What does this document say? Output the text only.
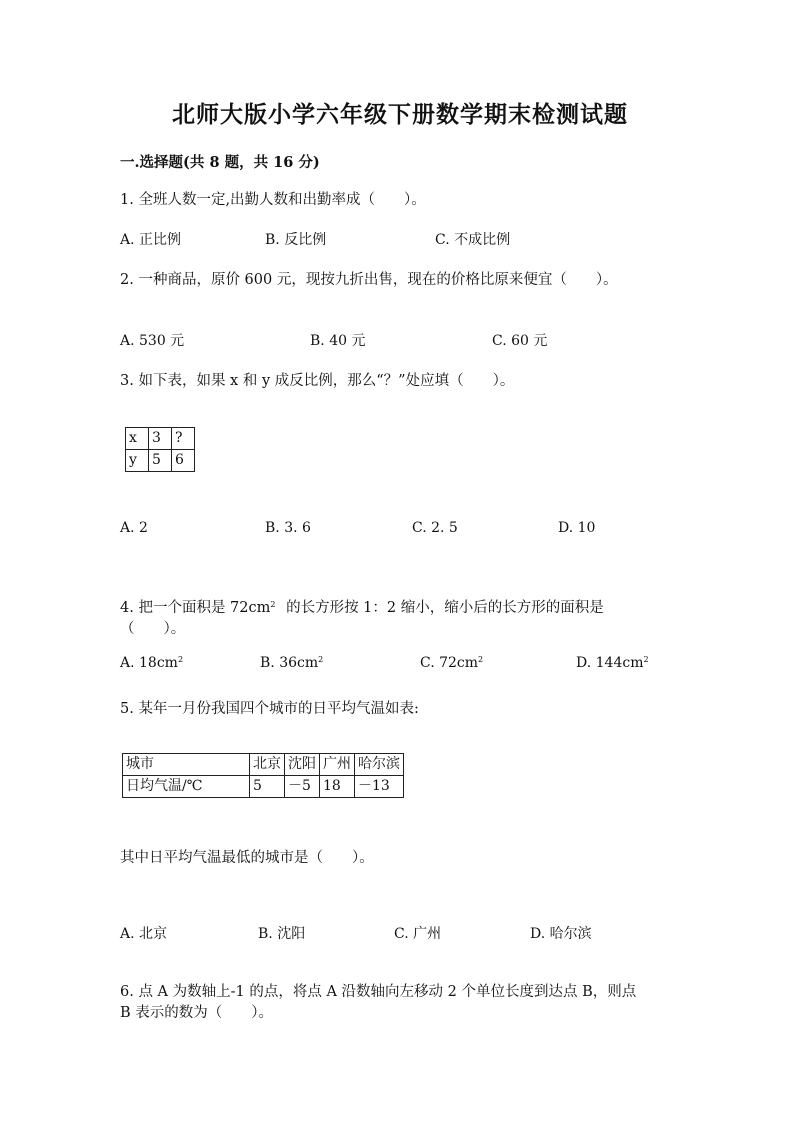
北师大版小学六年级下册数学期末检测试题
一.选择题(共 8 题，共 16 分)
1. 全班人数一定,出勤人数和出勤率成（　　）。
A. 正比例	B. 反比例	C. 不成比例
2. 一种商品，原价 600 元，现按九折出售，现在的价格比原来便宜（　　）。
A. 530 元	B. 40 元	C. 60 元
3. 如下表，如果 x 和 y 成反比例，那么“？”处应填（　　）。
x	3	?
y	5	6
A. 2	B. 3. 6	C. 2. 5	D. 10
4. 把一个面积是 $72cm^2$ 的长方形按 1：2 缩小，缩小后的长方形的面积是
（　　）。
A. $18cm^2$	B. $36cm^2$	C. $72cm^2$	D. $144cm^2$
5. 某年一月份我国四个城市的日平均气温如表:
城市	北京	沈阳	广州	哈尔滨
日均气温/℃	5	－5	18	－13
其中日平均气温最低的城市是（　　）。
A. 北京	B. 沈阳	C. 广州	D. 哈尔滨
6. 点 A 为数轴上-1 的点，将点 A 沿数轴向左移动 2 个单位长度到达点 B，则点
B 表示的数为（　　）。
